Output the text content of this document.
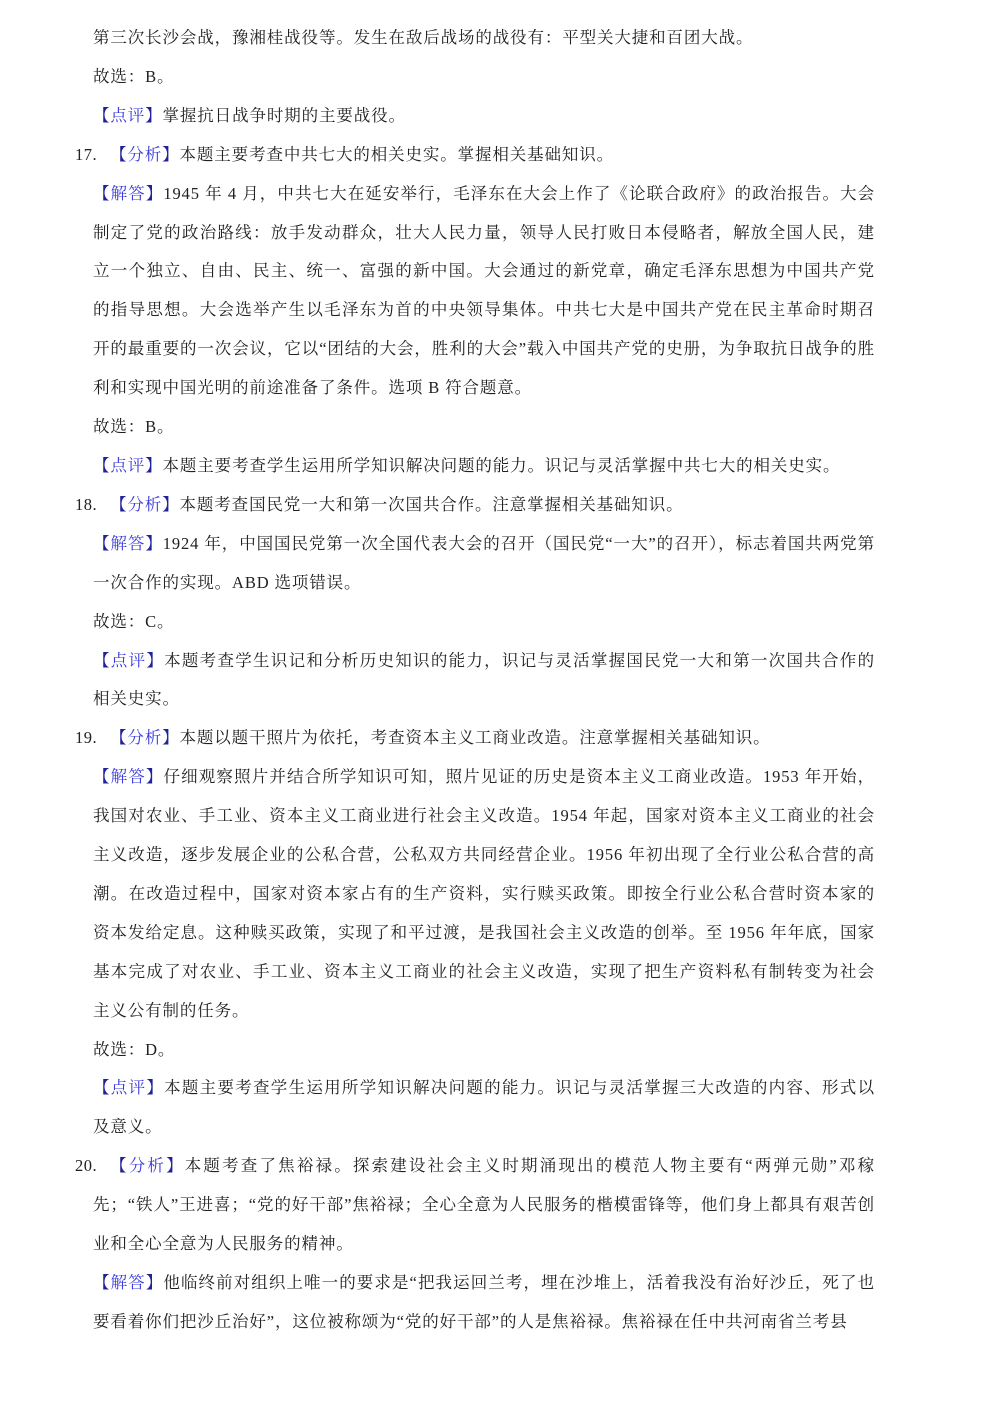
第三次长沙会战，豫湘桂战役等。发生在敌后战场的战役有：平型关大捷和百团大战。

故选：B。

【点评】掌握抗日战争时期的主要战役。

17. 【分析】本题主要考查中共七大的相关史实。掌握相关基础知识。

【解答】1945 年 4 月，中共七大在延安举行，毛泽东在大会上作了《论联合政府》的政治报告。大会制定了党的政治路线：放手发动群众，壮大人民力量，领导人民打败日本侵略者，解放全国人民，建立一个独立、自由、民主、统一、富强的新中国。大会通过的新党章，确定毛泽东思想为中国共产党的指导思想。大会选举产生以毛泽东为首的中央领导集体。中共七大是中国共产党在民主革命时期召开的最重要的一次会议，它以“团结的大会，胜利的大会”载入中国共产党的史册，为争取抗日战争的胜利和实现中国光明的前途准备了条件。选项 B 符合题意。

故选：B。

【点评】本题主要考查学生运用所学知识解决问题的能力。识记与灵活掌握中共七大的相关史实。

18. 【分析】本题考查国民党一大和第一次国共合作。注意掌握相关基础知识。

【解答】1924 年，中国国民党第一次全国代表大会的召开（国民党“一大”的召开），标志着国共两党第一次合作的实现。ABD 选项错误。

故选：C。

【点评】本题考查学生识记和分析历史知识的能力，识记与灵活掌握国民党一大和第一次国共合作的相关史实。

19. 【分析】本题以题干照片为依托，考查资本主义工商业改造。注意掌握相关基础知识。

【解答】仔细观察照片并结合所学知识可知，照片见证的历史是资本主义工商业改造。1953 年开始，我国对农业、手工业、资本主义工商业进行社会主义改造。1954 年起，国家对资本主义工商业的社会主义改造，逐步发展企业的公私合营，公私双方共同经营企业。1956 年初出现了全行业公私合营的高潮。在改造过程中，国家对资本家占有的生产资料，实行赎买政策。即按全行业公私合营时资本家的资本发给定息。这种赎买政策，实现了和平过渡，是我国社会主义改造的创举。至 1956 年年底，国家基本完成了对农业、手工业、资本主义工商业的社会主义改造，实现了把生产资料私有制转变为社会主义公有制的任务。

故选：D。

【点评】本题主要考查学生运用所学知识解决问题的能力。识记与灵活掌握三大改造的内容、形式以及意义。

20. 【分析】本题考查了焦裕禄。探索建设社会主义时期涌现出的模范人物主要有“两弹元勋”邓稼先；“铁人”王进喜；“党的好干部”焦裕禄；全心全意为人民服务的楷模雷锋等，他们身上都具有艰苦创业和全心全意为人民服务的精神。

【解答】他临终前对组织上唯一的要求是“把我运回兰考，埋在沙堆上，活着我没有治好沙丘，死了也要看着你们把沙丘治好”，这位被称颂为“党的好干部”的人是焦裕禄。焦裕禄在任中共河南省兰考县
